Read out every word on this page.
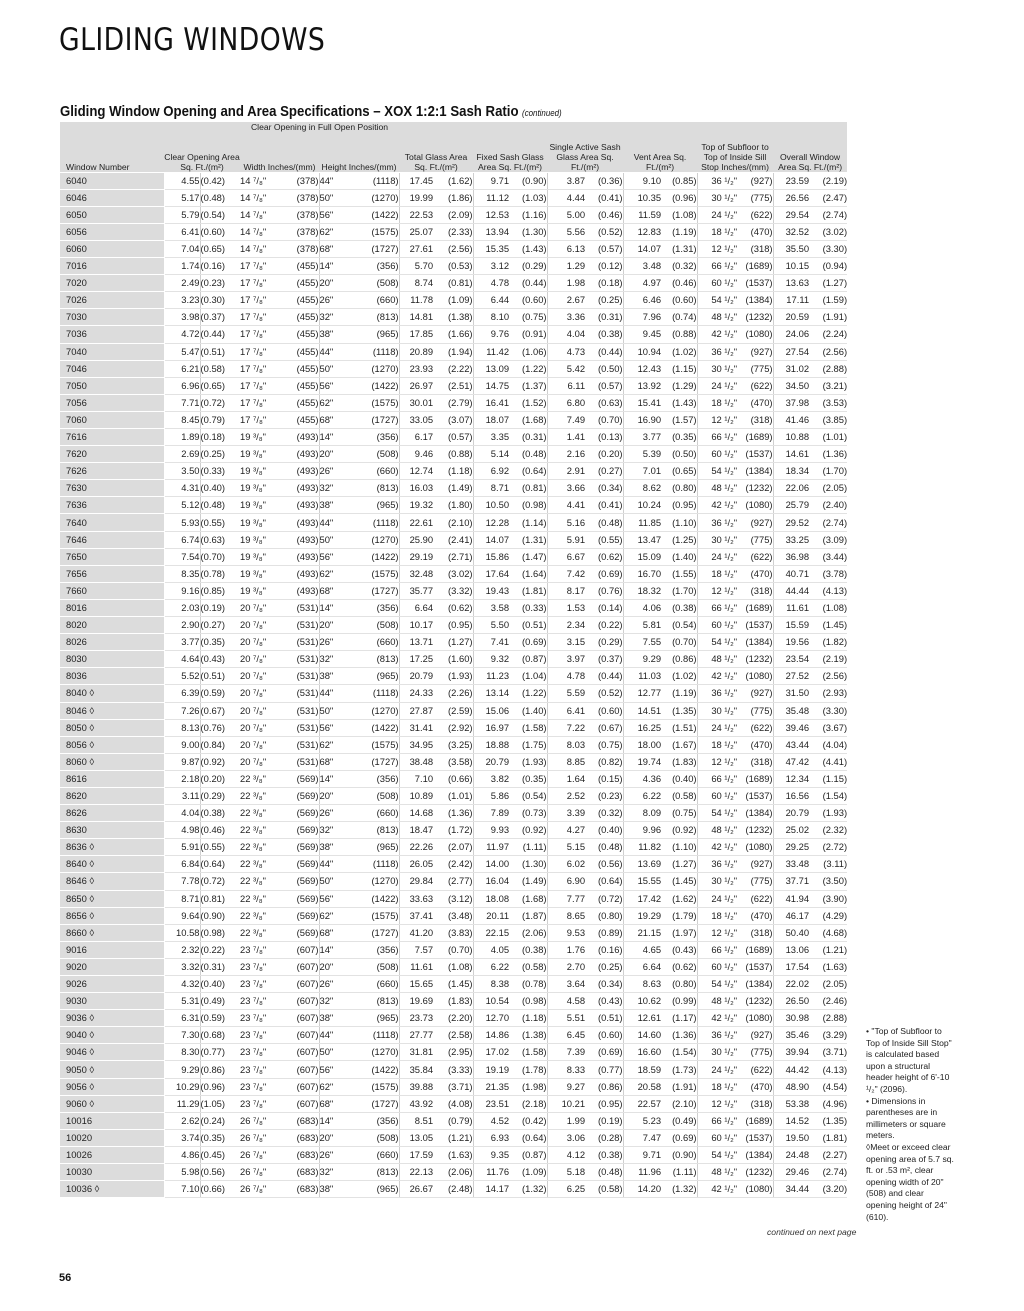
GLIDING WINDOWS
Gliding Window Opening and Area Specifications – XOX 1:2:1 Sash Ratio (continued)
Window Number	Clear Opening Area Sq. Ft./(m²)		Clear Opening in Full Open Position				Total Glass Area Sq. Ft./(m²)		Fixed Sash Glass Area Sq. Ft./(m²)		Single Active Sash Glass Area Sq. Ft./(m²)		Vent Area Sq. Ft./(m²)		Top of Subfloor to Top of Inside Sill Stop Inches/(mm)		Overall Window Area Sq. Ft./(m²)	
			Width Inches/(mm)		Height Inches/(mm)													
6040	4.55	(0.42)	14 ⁷/₈"	(378)	44"	(1118)	17.45	(1.62)	9.71	(0.90)	3.87	(0.36)	9.10	(0.85)	36 ¹/₂"	(927)	23.59	(2.19)
6046	5.17	(0.48)	14 ⁷/₈"	(378)	50"	(1270)	19.99	(1.86)	11.12	(1.03)	4.44	(0.41)	10.35	(0.96)	30 ¹/₂"	(775)	26.56	(2.47)
6050	5.79	(0.54)	14 ⁷/₈"	(378)	56"	(1422)	22.53	(2.09)	12.53	(1.16)	5.00	(0.46)	11.59	(1.08)	24 ¹/₂"	(622)	29.54	(2.74)
6056	6.41	(0.60)	14 ⁷/₈"	(378)	62"	(1575)	25.07	(2.33)	13.94	(1.30)	5.56	(0.52)	12.83	(1.19)	18 ¹/₂"	(470)	32.52	(3.02)
6060	7.04	(0.65)	14 ⁷/₈"	(378)	68"	(1727)	27.61	(2.56)	15.35	(1.43)	6.13	(0.57)	14.07	(1.31)	12 ¹/₂"	(318)	35.50	(3.30)
7016	1.74	(0.16)	17 ⁷/₈"	(455)	14"	(356)	5.70	(0.53)	3.12	(0.29)	1.29	(0.12)	3.48	(0.32)	66 ¹/₂"	(1689)	10.15	(0.94)
7020	2.49	(0.23)	17 ⁷/₈"	(455)	20"	(508)	8.74	(0.81)	4.78	(0.44)	1.98	(0.18)	4.97	(0.46)	60 ¹/₂"	(1537)	13.63	(1.27)
7026	3.23	(0.30)	17 ⁷/₈"	(455)	26"	(660)	11.78	(1.09)	6.44	(0.60)	2.67	(0.25)	6.46	(0.60)	54 ¹/₂"	(1384)	17.11	(1.59)
7030	3.98	(0.37)	17 ⁷/₈"	(455)	32"	(813)	14.81	(1.38)	8.10	(0.75)	3.36	(0.31)	7.96	(0.74)	48 ¹/₂"	(1232)	20.59	(1.91)
7036	4.72	(0.44)	17 ⁷/₈"	(455)	38"	(965)	17.85	(1.66)	9.76	(0.91)	4.04	(0.38)	9.45	(0.88)	42 ¹/₂"	(1080)	24.06	(2.24)
7040	5.47	(0.51)	17 ⁷/₈"	(455)	44"	(1118)	20.89	(1.94)	11.42	(1.06)	4.73	(0.44)	10.94	(1.02)	36 ¹/₂"	(927)	27.54	(2.56)
7046	6.21	(0.58)	17 ⁷/₈"	(455)	50"	(1270)	23.93	(2.22)	13.09	(1.22)	5.42	(0.50)	12.43	(1.15)	30 ¹/₂"	(775)	31.02	(2.88)
7050	6.96	(0.65)	17 ⁷/₈"	(455)	56"	(1422)	26.97	(2.51)	14.75	(1.37)	6.11	(0.57)	13.92	(1.29)	24 ¹/₂"	(622)	34.50	(3.21)
7056	7.71	(0.72)	17 ⁷/₈"	(455)	62"	(1575)	30.01	(2.79)	16.41	(1.52)	6.80	(0.63)	15.41	(1.43)	18 ¹/₂"	(470)	37.98	(3.53)
7060	8.45	(0.79)	17 ⁷/₈"	(455)	68"	(1727)	33.05	(3.07)	18.07	(1.68)	7.49	(0.70)	16.90	(1.57)	12 ¹/₂"	(318)	41.46	(3.85)
7616	1.89	(0.18)	19 ³/₈"	(493)	14"	(356)	6.17	(0.57)	3.35	(0.31)	1.41	(0.13)	3.77	(0.35)	66 ¹/₂"	(1689)	10.88	(1.01)
7620	2.69	(0.25)	19 ³/₈"	(493)	20"	(508)	9.46	(0.88)	5.14	(0.48)	2.16	(0.20)	5.39	(0.50)	60 ¹/₂"	(1537)	14.61	(1.36)
7626	3.50	(0.33)	19 ³/₈"	(493)	26"	(660)	12.74	(1.18)	6.92	(0.64)	2.91	(0.27)	7.01	(0.65)	54 ¹/₂"	(1384)	18.34	(1.70)
7630	4.31	(0.40)	19 ³/₈"	(493)	32"	(813)	16.03	(1.49)	8.71	(0.81)	3.66	(0.34)	8.62	(0.80)	48 ¹/₂"	(1232)	22.06	(2.05)
7636	5.12	(0.48)	19 ³/₈"	(493)	38"	(965)	19.32	(1.80)	10.50	(0.98)	4.41	(0.41)	10.24	(0.95)	42 ¹/₂"	(1080)	25.79	(2.40)
7640	5.93	(0.55)	19 ³/₈"	(493)	44"	(1118)	22.61	(2.10)	12.28	(1.14)	5.16	(0.48)	11.85	(1.10)	36 ¹/₂"	(927)	29.52	(2.74)
7646	6.74	(0.63)	19 ³/₈"	(493)	50"	(1270)	25.90	(2.41)	14.07	(1.31)	5.91	(0.55)	13.47	(1.25)	30 ¹/₂"	(775)	33.25	(3.09)
7650	7.54	(0.70)	19 ³/₈"	(493)	56"	(1422)	29.19	(2.71)	15.86	(1.47)	6.67	(0.62)	15.09	(1.40)	24 ¹/₂"	(622)	36.98	(3.44)
7656	8.35	(0.78)	19 ³/₈"	(493)	62"	(1575)	32.48	(3.02)	17.64	(1.64)	7.42	(0.69)	16.70	(1.55)	18 ¹/₂"	(470)	40.71	(3.78)
7660	9.16	(0.85)	19 ³/₈"	(493)	68"	(1727)	35.77	(3.32)	19.43	(1.81)	8.17	(0.76)	18.32	(1.70)	12 ¹/₂"	(318)	44.44	(4.13)
8016	2.03	(0.19)	20 ⁷/₈"	(531)	14"	(356)	6.64	(0.62)	3.58	(0.33)	1.53	(0.14)	4.06	(0.38)	66 ¹/₂"	(1689)	11.61	(1.08)
8020	2.90	(0.27)	20 ⁷/₈"	(531)	20"	(508)	10.17	(0.95)	5.50	(0.51)	2.34	(0.22)	5.81	(0.54)	60 ¹/₂"	(1537)	15.59	(1.45)
8026	3.77	(0.35)	20 ⁷/₈"	(531)	26"	(660)	13.71	(1.27)	7.41	(0.69)	3.15	(0.29)	7.55	(0.70)	54 ¹/₂"	(1384)	19.56	(1.82)
8030	4.64	(0.43)	20 ⁷/₈"	(531)	32"	(813)	17.25	(1.60)	9.32	(0.87)	3.97	(0.37)	9.29	(0.86)	48 ¹/₂"	(1232)	23.54	(2.19)
8036	5.52	(0.51)	20 ⁷/₈"	(531)	38"	(965)	20.79	(1.93)	11.23	(1.04)	4.78	(0.44)	11.03	(1.02)	42 ¹/₂"	(1080)	27.52	(2.56)
8040 ◊	6.39	(0.59)	20 ⁷/₈"	(531)	44"	(1118)	24.33	(2.26)	13.14	(1.22)	5.59	(0.52)	12.77	(1.19)	36 ¹/₂"	(927)	31.50	(2.93)
8046 ◊	7.26	(0.67)	20 ⁷/₈"	(531)	50"	(1270)	27.87	(2.59)	15.06	(1.40)	6.41	(0.60)	14.51	(1.35)	30 ¹/₂"	(775)	35.48	(3.30)
8050 ◊	8.13	(0.76)	20 ⁷/₈"	(531)	56"	(1422)	31.41	(2.92)	16.97	(1.58)	7.22	(0.67)	16.25	(1.51)	24 ¹/₂"	(622)	39.46	(3.67)
8056 ◊	9.00	(0.84)	20 ⁷/₈"	(531)	62"	(1575)	34.95	(3.25)	18.88	(1.75)	8.03	(0.75)	18.00	(1.67)	18 ¹/₂"	(470)	43.44	(4.04)
8060 ◊	9.87	(0.92)	20 ⁷/₈"	(531)	68"	(1727)	38.48	(3.58)	20.79	(1.93)	8.85	(0.82)	19.74	(1.83)	12 ¹/₂"	(318)	47.42	(4.41)
8616	2.18	(0.20)	22 ³/₈"	(569)	14"	(356)	7.10	(0.66)	3.82	(0.35)	1.64	(0.15)	4.36	(0.40)	66 ¹/₂"	(1689)	12.34	(1.15)
8620	3.11	(0.29)	22 ³/₈"	(569)	20"	(508)	10.89	(1.01)	5.86	(0.54)	2.52	(0.23)	6.22	(0.58)	60 ¹/₂"	(1537)	16.56	(1.54)
8626	4.04	(0.38)	22 ³/₈"	(569)	26"	(660)	14.68	(1.36)	7.89	(0.73)	3.39	(0.32)	8.09	(0.75)	54 ¹/₂"	(1384)	20.79	(1.93)
8630	4.98	(0.46)	22 ³/₈"	(569)	32"	(813)	18.47	(1.72)	9.93	(0.92)	4.27	(0.40)	9.96	(0.92)	48 ¹/₂"	(1232)	25.02	(2.32)
8636 ◊	5.91	(0.55)	22 ³/₈"	(569)	38"	(965)	22.26	(2.07)	11.97	(1.11)	5.15	(0.48)	11.82	(1.10)	42 ¹/₂"	(1080)	29.25	(2.72)
8640 ◊	6.84	(0.64)	22 ³/₈"	(569)	44"	(1118)	26.05	(2.42)	14.00	(1.30)	6.02	(0.56)	13.69	(1.27)	36 ¹/₂"	(927)	33.48	(3.11)
8646 ◊	7.78	(0.72)	22 ³/₈"	(569)	50"	(1270)	29.84	(2.77)	16.04	(1.49)	6.90	(0.64)	15.55	(1.45)	30 ¹/₂"	(775)	37.71	(3.50)
8650 ◊	8.71	(0.81)	22 ³/₈"	(569)	56"	(1422)	33.63	(3.12)	18.08	(1.68)	7.77	(0.72)	17.42	(1.62)	24 ¹/₂"	(622)	41.94	(3.90)
8656 ◊	9.64	(0.90)	22 ³/₈"	(569)	62"	(1575)	37.41	(3.48)	20.11	(1.87)	8.65	(0.80)	19.29	(1.79)	18 ¹/₂"	(470)	46.17	(4.29)
8660 ◊	10.58	(0.98)	22 ³/₈"	(569)	68"	(1727)	41.20	(3.83)	22.15	(2.06)	9.53	(0.89)	21.15	(1.97)	12 ¹/₂"	(318)	50.40	(4.68)
9016	2.32	(0.22)	23 ⁷/₈"	(607)	14"	(356)	7.57	(0.70)	4.05	(0.38)	1.76	(0.16)	4.65	(0.43)	66 ¹/₂"	(1689)	13.06	(1.21)
9020	3.32	(0.31)	23 ⁷/₈"	(607)	20"	(508)	11.61	(1.08)	6.22	(0.58)	2.70	(0.25)	6.64	(0.62)	60 ¹/₂"	(1537)	17.54	(1.63)
9026	4.32	(0.40)	23 ⁷/₈"	(607)	26"	(660)	15.65	(1.45)	8.38	(0.78)	3.64	(0.34)	8.63	(0.80)	54 ¹/₂"	(1384)	22.02	(2.05)
9030	5.31	(0.49)	23 ⁷/₈"	(607)	32"	(813)	19.69	(1.83)	10.54	(0.98)	4.58	(0.43)	10.62	(0.99)	48 ¹/₂"	(1232)	26.50	(2.46)
9036 ◊	6.31	(0.59)	23 ⁷/₈"	(607)	38"	(965)	23.73	(2.20)	12.70	(1.18)	5.51	(0.51)	12.61	(1.17)	42 ¹/₂"	(1080)	30.98	(2.88)
9040 ◊	7.30	(0.68)	23 ⁷/₈"	(607)	44"	(1118)	27.77	(2.58)	14.86	(1.38)	6.45	(0.60)	14.60	(1.36)	36 ¹/₂"	(927)	35.46	(3.29)
9046 ◊	8.30	(0.77)	23 ⁷/₈"	(607)	50"	(1270)	31.81	(2.95)	17.02	(1.58)	7.39	(0.69)	16.60	(1.54)	30 ¹/₂"	(775)	39.94	(3.71)
9050 ◊	9.29	(0.86)	23 ⁷/₈"	(607)	56"	(1422)	35.84	(3.33)	19.19	(1.78)	8.33	(0.77)	18.59	(1.73)	24 ¹/₂"	(622)	44.42	(4.13)
9056 ◊	10.29	(0.96)	23 ⁷/₈"	(607)	62"	(1575)	39.88	(3.71)	21.35	(1.98)	9.27	(0.86)	20.58	(1.91)	18 ¹/₂"	(470)	48.90	(4.54)
9060 ◊	11.29	(1.05)	23 ⁷/₈"	(607)	68"	(1727)	43.92	(4.08)	23.51	(2.18)	10.21	(0.95)	22.57	(2.10)	12 ¹/₂"	(318)	53.38	(4.96)
10016	2.62	(0.24)	26 ⁷/₈"	(683)	14"	(356)	8.51	(0.79)	4.52	(0.42)	1.99	(0.19)	5.23	(0.49)	66 ¹/₂"	(1689)	14.52	(1.35)
10020	3.74	(0.35)	26 ⁷/₈"	(683)	20"	(508)	13.05	(1.21)	6.93	(0.64)	3.06	(0.28)	7.47	(0.69)	60 ¹/₂"	(1537)	19.50	(1.81)
10026	4.86	(0.45)	26 ⁷/₈"	(683)	26"	(660)	17.59	(1.63)	9.35	(0.87)	4.12	(0.38)	9.71	(0.90)	54 ¹/₂"	(1384)	24.48	(2.27)
10030	5.98	(0.56)	26 ⁷/₈"	(683)	32"	(813)	22.13	(2.06)	11.76	(1.09)	5.18	(0.48)	11.96	(1.11)	48 ¹/₂"	(1232)	29.46	(2.74)
10036 ◊	7.10	(0.66)	26 ⁷/₈"	(683)	38"	(965)	26.67	(2.48)	14.17	(1.32)	6.25	(0.58)	14.20	(1.32)	42 ¹/₂"	(1080)	34.44	(3.20)
• "Top of Subfloor to Top of Inside Sill Stop" is calculated based upon a structural header height of 6'-10 ¹/₂" (2096).
• Dimensions in parentheses are in millimeters or square meters.
◊Meet or exceed clear opening area of 5.7 sq. ft. or .53 m², clear opening width of 20" (508) and clear opening height of 24"(610).
continued on next page
56
